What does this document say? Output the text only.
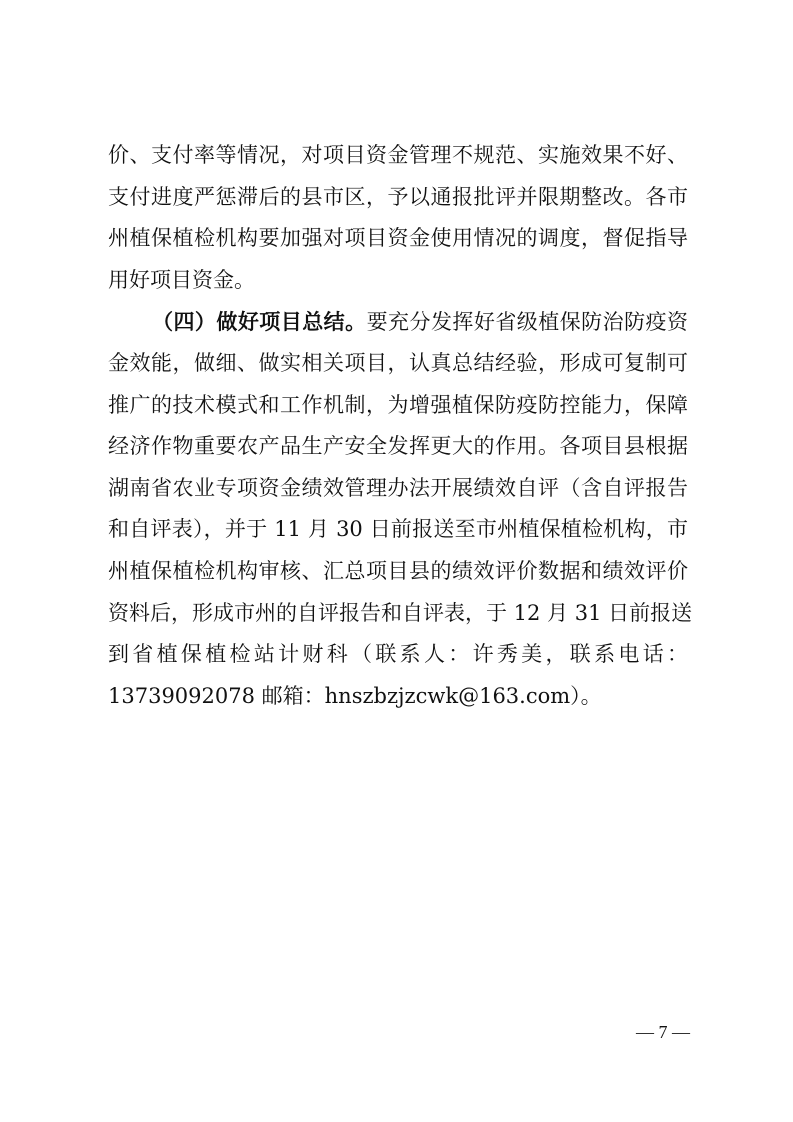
价、支付率等情况，对项目资金管理不规范、实施效果不好、
支付进度严惩滞后的县市区，予以通报批评并限期整改。各市
州植保植检机构要加强对项目资金使用情况的调度，督促指导
用好项目资金。
（四）做好项目总结。要充分发挥好省级植保防治防疫资
金效能，做细、做实相关项目，认真总结经验，形成可复制可
推广的技术模式和工作机制，为增强植保防疫防控能力，保障
经济作物重要农产品生产安全发挥更大的作用。各项目县根据
湖南省农业专项资金绩效管理办法开展绩效自评（含自评报告
和自评表），并于 11 月 30 日前报送至市州植保植检机构，市
州植保植检机构审核、汇总项目县的绩效评价数据和绩效评价
资料后，形成市州的自评报告和自评表，于 12 月 31 日前报送
到省植保植检站计财科（联系人：许秀美，联系电话：
13739092078 邮箱：hnszbzjzcwk@163.com）。
— 7 —
